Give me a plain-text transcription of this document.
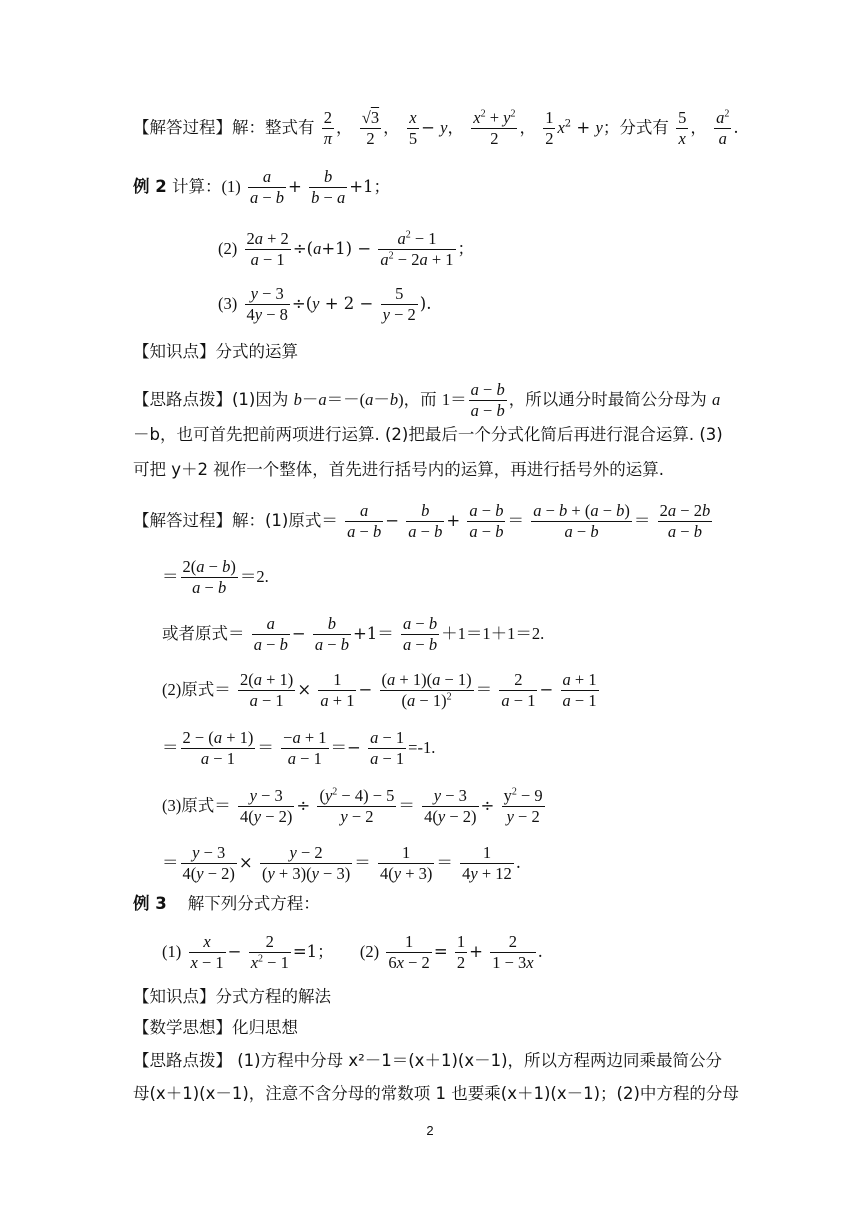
【解答过程】解：整式有 $\frac{2}{\pi}$ ， $\frac{√3}{2}$ ， $\frac{x}{5} - y$， $\frac{x^2 + y^2}{2}$ ， $\frac{1}{2} x^2 + y$；分式有 $\frac{5}{x}$ ， $\frac{a^2}{a}$ .
例 2 计算：$(1) \frac{a}{a - b} + \frac{b}{b - a} +1$；
$(2) \frac{2a + 2}{a - 1} \div(a+1) - \frac{a^2 - 1}{a^2 - 2a + 1}$ ；
$(3) \frac{y - 3}{4y - 8} \div(y + 2 - \frac{5}{y - 2}$ ).
【知识点】分式的运算
【思路点拨】(1)因为 b－a＝－(a－b)，而 $1= \frac{a - b}{a - b}$ ，所以通分时最简公分母为 a
－b，也可首先把前两项进行运算. (2)把最后一个分式化简后再进行混合运算. (3)
可把 y＋2 视作一个整体，首先进行括号内的运算，再进行括号外的运算.
【解答过程】解：(1)原式＝ $\frac{a}{a - b} - \frac{b}{a - b} + \frac{a - b}{a - b} = \frac{a - b + (a - b)}{a - b} = \frac{2a - 2b}{a - b}$
＝ $\frac{2(a - b)}{a - b} =2$.
或者原式＝ $\frac{a}{a - b} - \frac{b}{a - b} +1= \frac{a - b}{a - b} +1=1+1=2$.
(2)原式＝ $\frac{2(a + 1)}{a - 1} \times \frac{1}{a + 1} - \frac{(a + 1)(a - 1)}{(a - 1)^2} = \frac{2}{a - 1} - \frac{a + 1}{a - 1}$
＝ $\frac{2 - (a + 1)}{a - 1} = \frac{-a + 1}{a - 1} =- \frac{a - 1}{a - 1} =-1$.
(3)原式＝ $\frac{y - 3}{4(y - 2)} \div \frac{(y^2 - 4) - 5}{y - 2} = \frac{y - 3}{4(y - 2)} \div \frac{y^2 - 9}{y - 2}$
＝ $\frac{y - 3}{4(y - 2)} \times \frac{y - 2}{(y + 3)(y - 3)} = \frac{1}{4(y + 3)} = \frac{1}{4y + 12}$ .
例 3 解下列分式方程：
$(1) \frac{x}{x - 1} - \frac{2}{x^2 - 1} =1$；     $(2) \frac{1}{6x - 2} = \frac{1}{2} + \frac{2}{1 - 3x}$ .
【知识点】分式方程的解法
【数学思想】化归思想
【思路点拨】 (1)方程中分母 x²－1＝(x＋1)(x－1)，所以方程两边同乘最简公分
母(x＋1)(x－1)，注意不含分母的常数项 1 也要乘(x＋1)(x－1)；(2)中方程的分母
2
